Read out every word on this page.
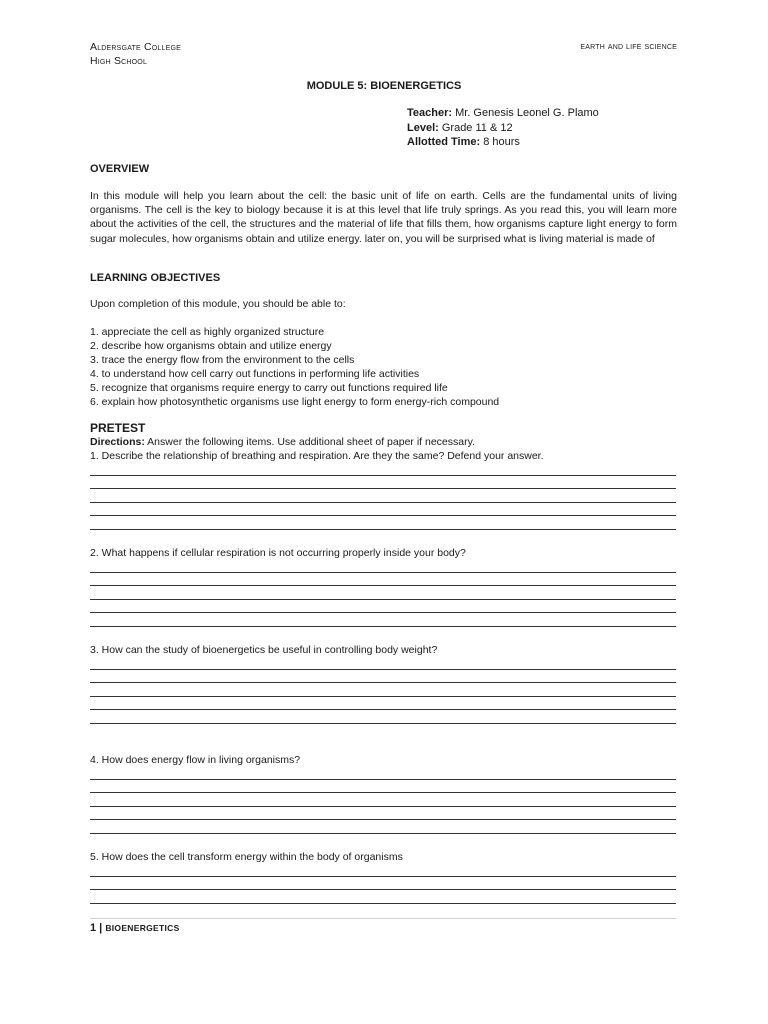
Aldersgate College
High School
earth and life science
MODULE 5: BIOENERGETICS
Teacher: Mr. Genesis Leonel G. Plamo
Level: Grade 11 & 12
Allotted Time: 8 hours
OVERVIEW
In this module will help you learn about the cell: the basic unit of life on earth. Cells are the fundamental units of living organisms. The cell is the key to biology because it is at this level that life truly springs. As you read this, you will learn more about the activities of the cell, the structures and the material of life that fills them, how organisms capture light energy to form sugar molecules, how organisms obtain and utilize energy. later on, you will be surprised what is living material is made of
LEARNING OBJECTIVES
Upon completion of this module, you should be able to:
1. appreciate the cell as highly organized structure
2. describe how organisms obtain and utilize energy
3. trace the energy flow from the environment to the cells
4. to understand how cell carry out functions in performing life activities
5. recognize that organisms require energy to carry out functions required life
6. explain how photosynthetic organisms use light energy to form energy-rich compound
PRETEST
Directions: Answer the following items. Use additional sheet of paper if necessary.
1. Describe the relationship of breathing and respiration. Are they the same? Defend your answer.
2. What happens if cellular respiration is not occurring properly inside your body?
3. How can the study of bioenergetics be useful in controlling body weight?
4. How does energy flow in living organisms?
5. How does the cell transform energy within the body of organisms
1 | BIOENERGETICS
